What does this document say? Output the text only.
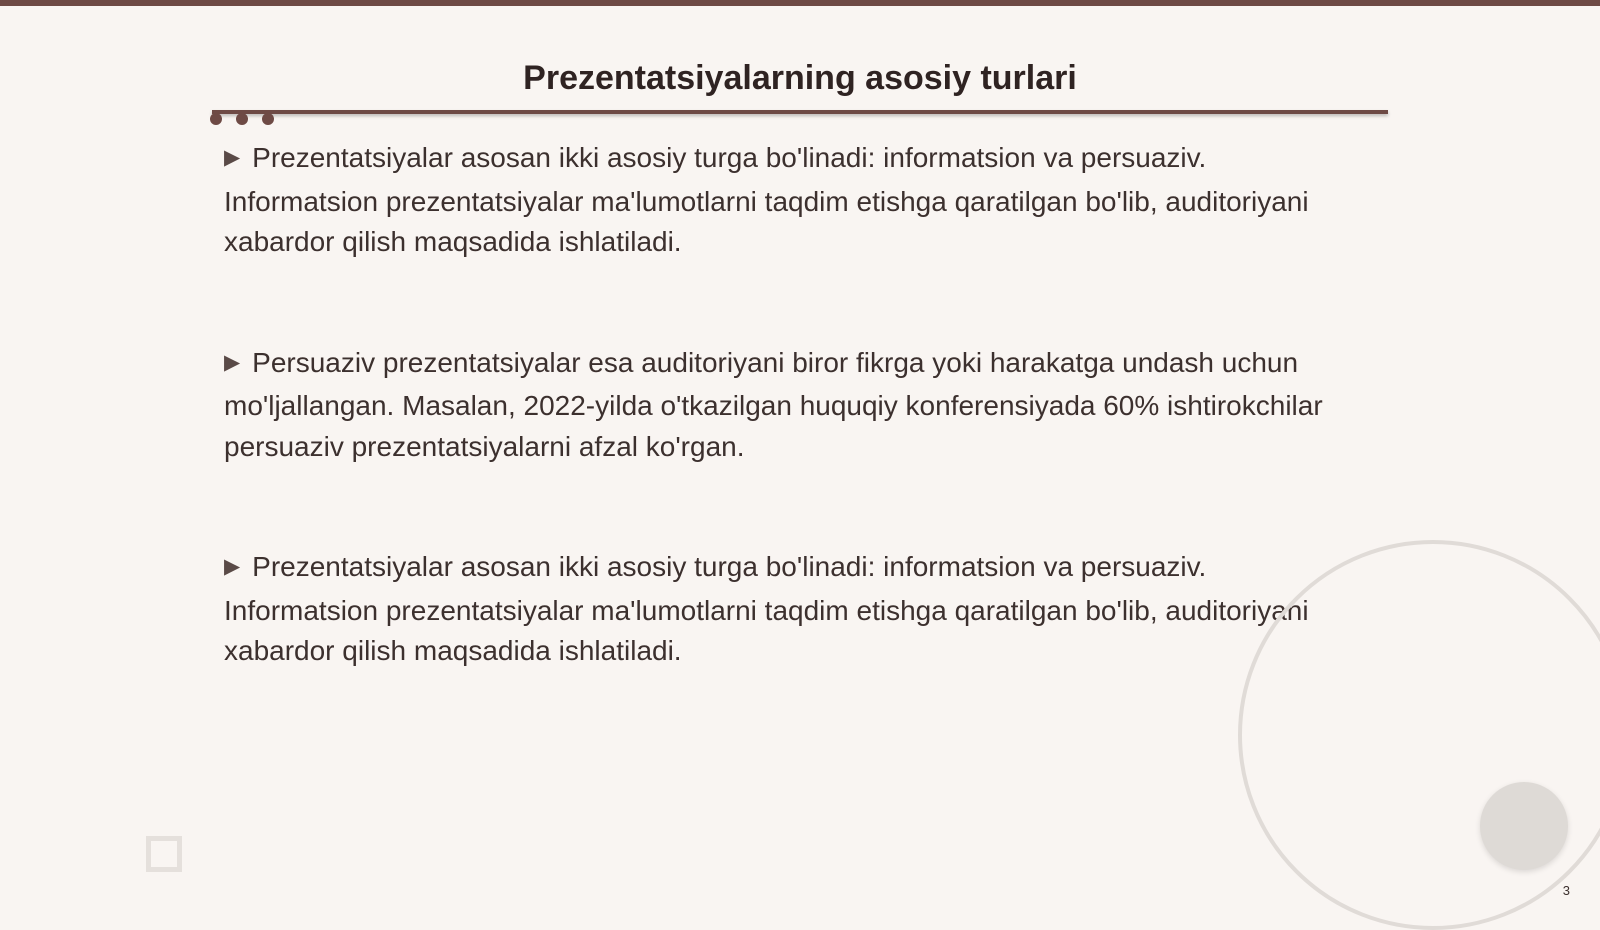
Prezentatsiyalarning asosiy turlari

▶ Prezentatsiyalar asosan ikki asosiy turga bo'linadi: informatsion va persuaziv. Informatsion prezentatsiyalar ma'lumotlarni taqdim etishga qaratilgan bo'lib, auditoriyani xabardor qilish maqsadida ishlatiladi.

▶ Persuaziv prezentatsiyalar esa auditoriyani biror fikrga yoki harakatga undash uchun mo'ljallangan. Masalan, 2022-yilda o'tkazilgan huquqiy konferensiyada 60% ishtirokchilar persuaziv prezentatsiyalarni afzal ko'rgan.

▶ Prezentatsiyalar asosan ikki asosiy turga bo'linadi: informatsion va persuaziv. Informatsion prezentatsiyalar ma'lumotlarni taqdim etishga qaratilgan bo'lib, auditoriyani xabardor qilish maqsadida ishlatiladi.

3
